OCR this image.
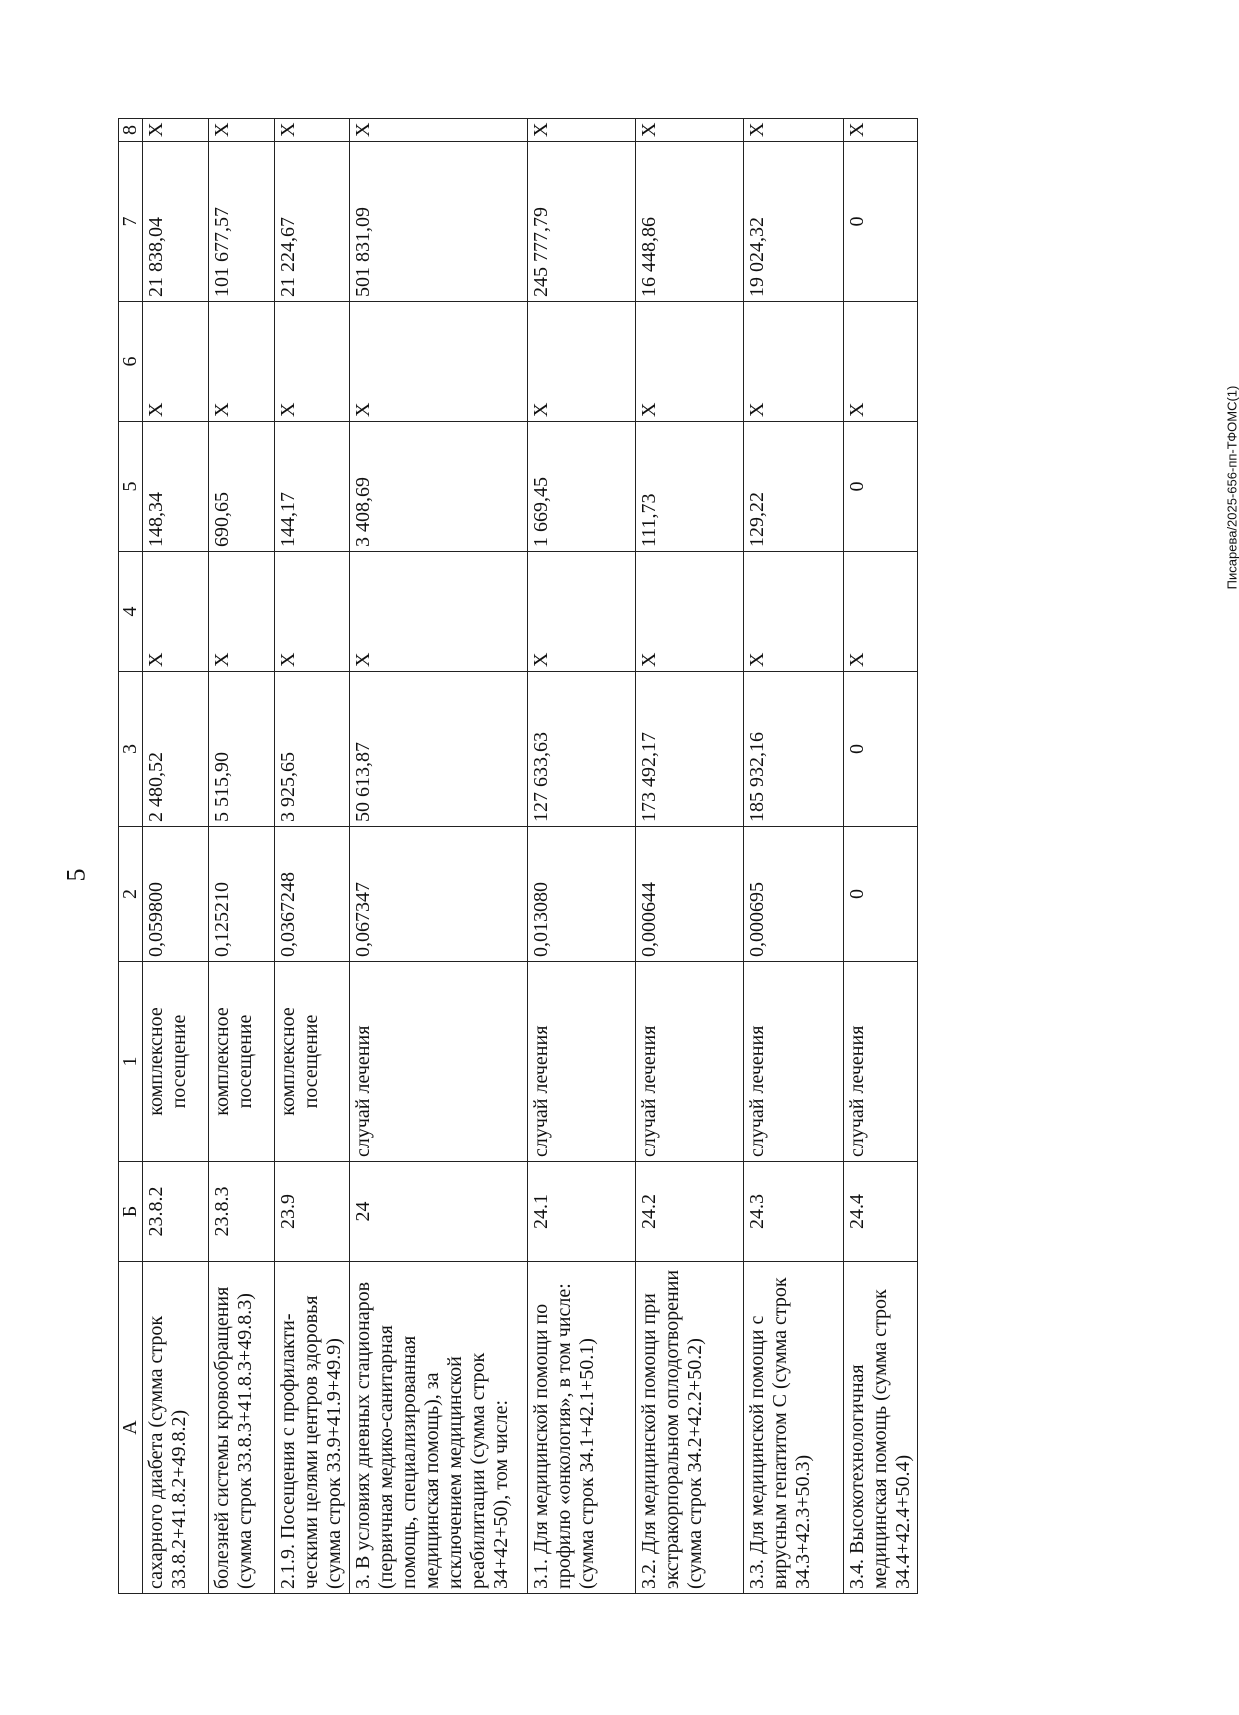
5
Писарева/2025-656-пп-ТФОМС(1)
А	Б	1	2	3	4	5	6	7	8
сахарного диабета (сумма строк 33.8.2+41.8.2+49.8.2)	23.8.2	комплексное посещение	0,059800	2 480,52	Х	148,34	Х	21 838,04	Х
болезней системы кровообращения (сумма строк 33.8.3+41.8.3+49.8.3)	23.8.3	комплексное посещение	0,125210	5 515,90	Х	690,65	Х	101 677,57	Х
2.1.9. Посещения с профилакти-ческими целями центров здоровья (сумма строк 33.9+41.9+49.9)	23.9	комплексное посещение	0,0367248	3 925,65	Х	144,17	Х	21 224,67	Х
3. В условиях дневных стационаров (первичная медико-санитарная помощь, специализированная медицинская помощь), за исключением медицинской реабилитации (сумма строк 34+42+50), том числе:	24	случай лечения	0,067347	50 613,87	Х	3 408,69	Х	501 831,09	Х
3.1. Для медицинской помощи по профилю «онкология», в том числе: (сумма строк 34.1+42.1+50.1)	24.1	случай лечения	0,013080	127 633,63	Х	1 669,45	Х	245 777,79	Х
3.2. Для медицинской помощи при экстракорпоральном оплодотворении (сумма строк 34.2+42.2+50.2)	24.2	случай лечения	0,000644	173 492,17	Х	111,73	Х	16 448,86	Х
3.3. Для медицинской помощи с вирусным гепатитом С (сумма строк 34.3+42.3+50.3)	24.3	случай лечения	0,000695	185 932,16	Х	129,22	Х	19 024,32	Х
3.4. Высокотехнологичная медицинская помощь (сумма строк 34.4+42.4+50.4)	24.4	случай лечения	0	0	Х	0	Х	0	Х
